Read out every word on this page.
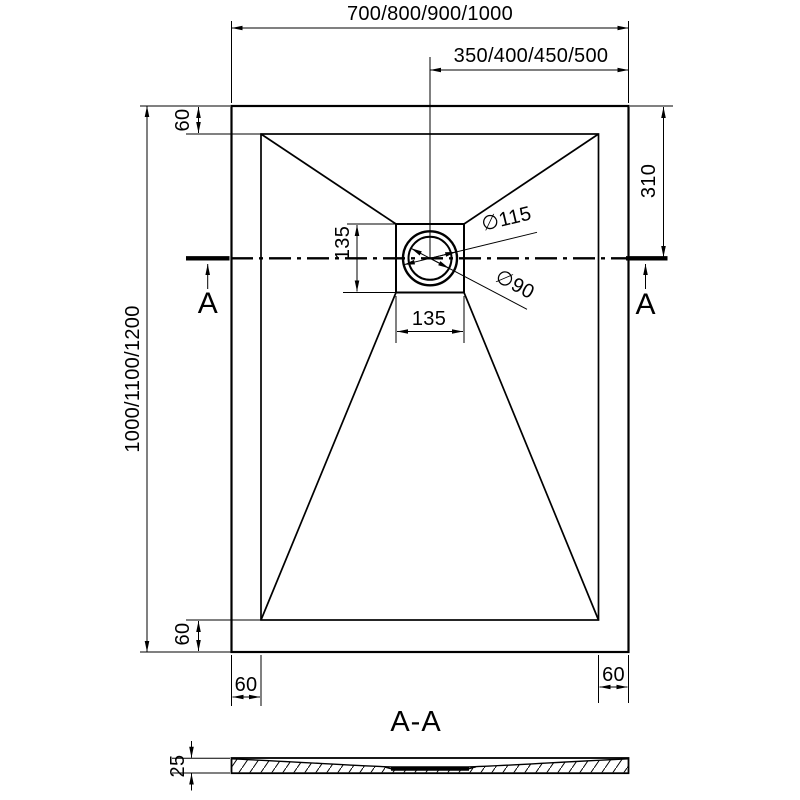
A	A
700/800/900/1000
350/400/450/500
1000/1100/1200
310
60
135
135
∅115
∅90
60
60	60
A-A
25
